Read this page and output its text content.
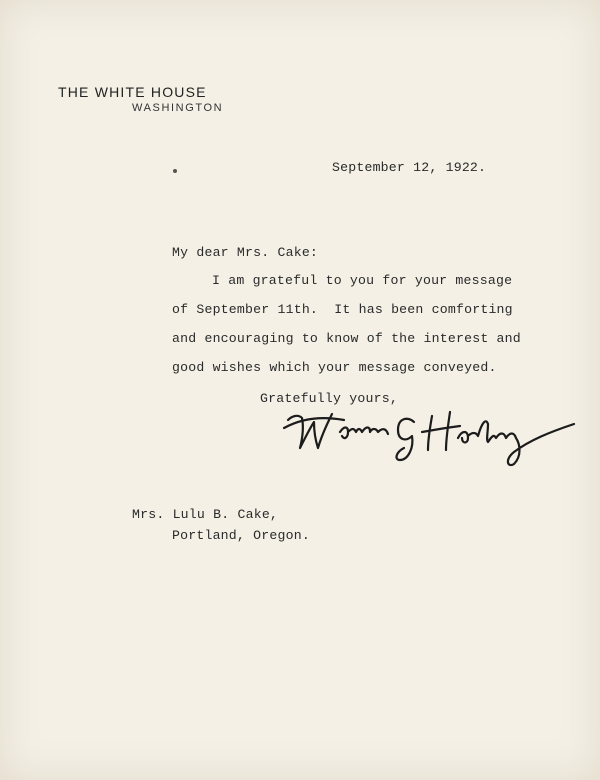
THE WHITE HOUSE
WASHINGTON
September 12, 1922.
My dear Mrs. Cake:
I am grateful to you for your message
of September 11th.  It has been comforting
and encouraging to know of the interest and
good wishes which your message conveyed.
Gratefully yours,
Mrs. Lulu B. Cake,
Portland, Oregon.
